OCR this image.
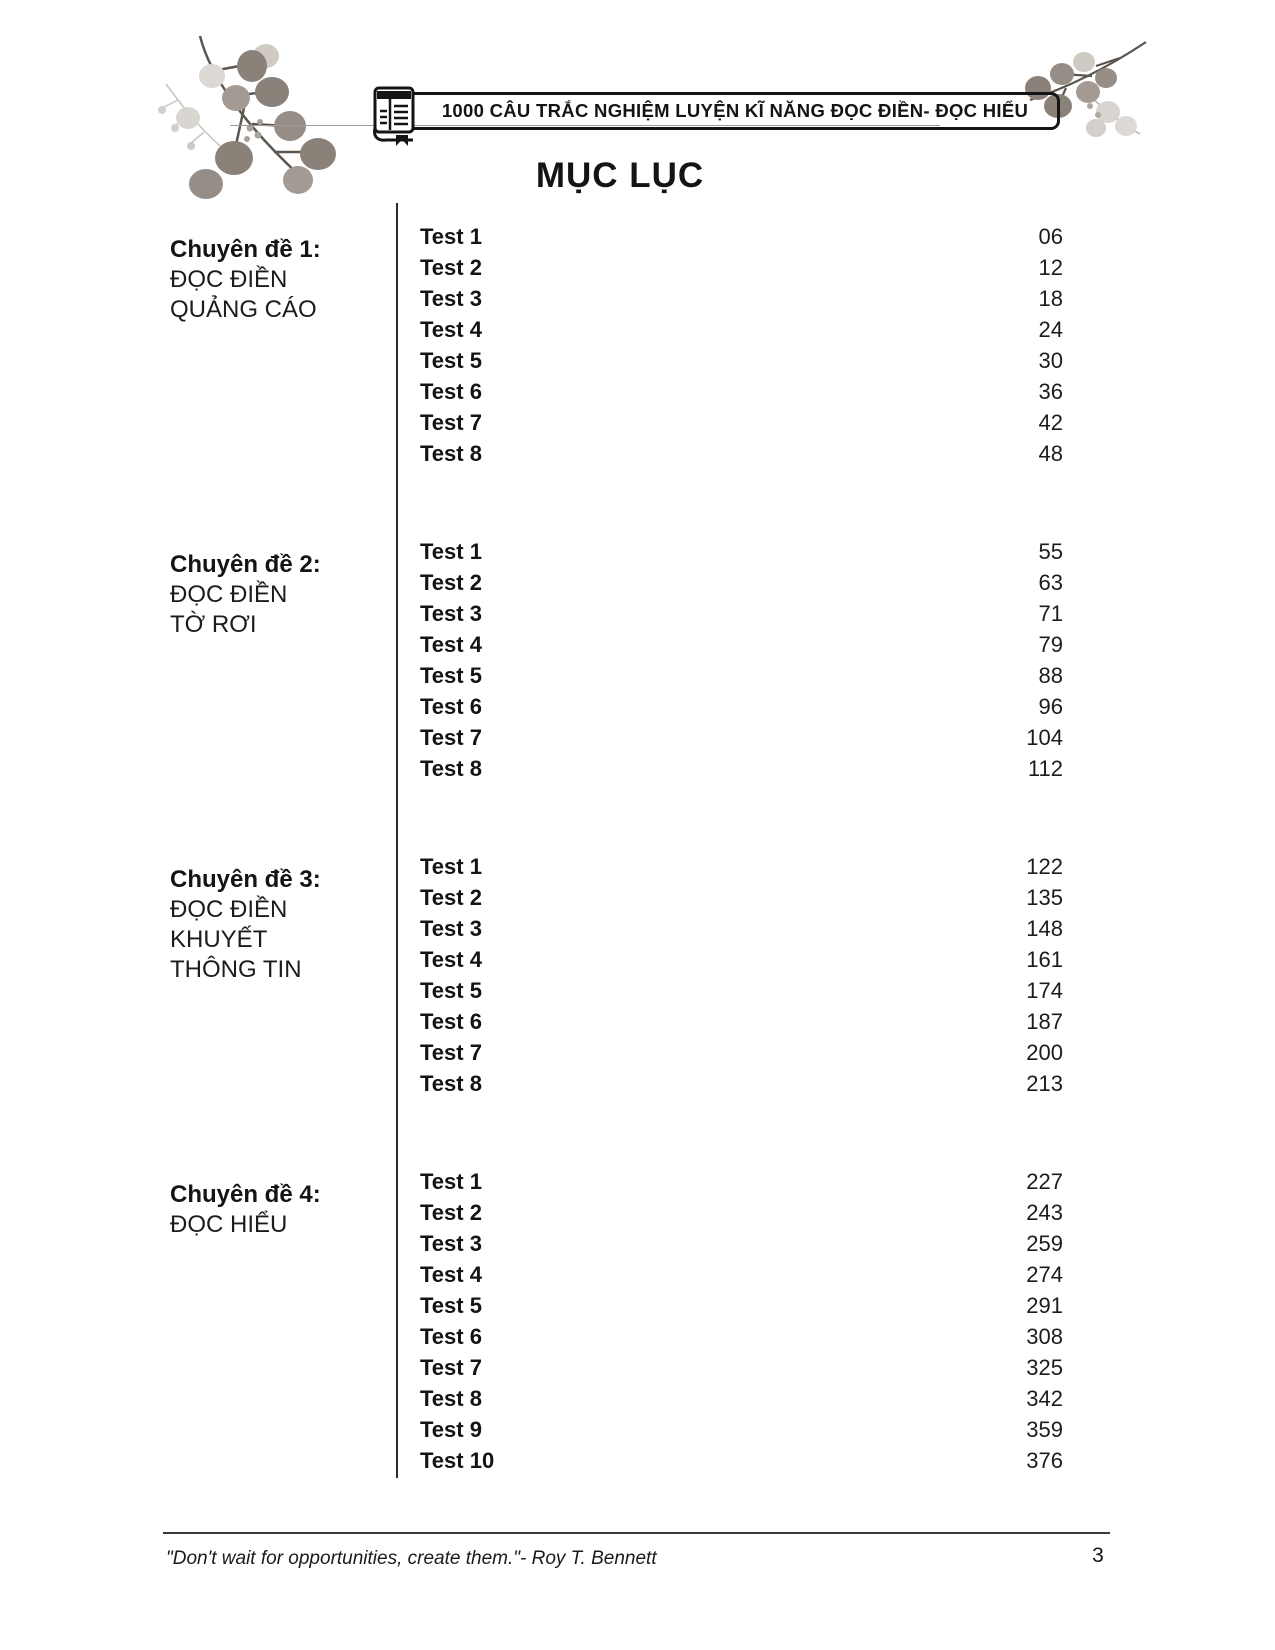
1000 CÂU TRẮC NGHIỆM LUYỆN KĨ NĂNG ĐỌC ĐIỀN- ĐỌC HIỂU
MỤC LỤC
Chuyên đề 1:
ĐỌC ĐIỀN
QUẢNG CÁO
Test 1	06
Test 2	12
Test 3	18
Test 4	24
Test 5	30
Test 6	36
Test 7	42
Test 8	48
Chuyên đề 2:
ĐỌC ĐIỀN
TỜ RƠI
Test 1	55
Test 2	63
Test 3	71
Test 4	79
Test 5	88
Test 6	96
Test 7	104
Test 8	112
Chuyên đề 3:
ĐỌC ĐIỀN
KHUYẾT
THÔNG TIN
Test 1	122
Test 2	135
Test 3	148
Test 4	161
Test 5	174
Test 6	187
Test 7	200
Test 8	213
Chuyên đề 4:
ĐỌC HIỂU
Test 1	227
Test 2	243
Test 3	259
Test 4	274
Test 5	291
Test 6	308
Test 7	325
Test 8	342
Test 9	359
Test 10	376
"Don't wait for opportunities, create them."- Roy T. Bennett	3
